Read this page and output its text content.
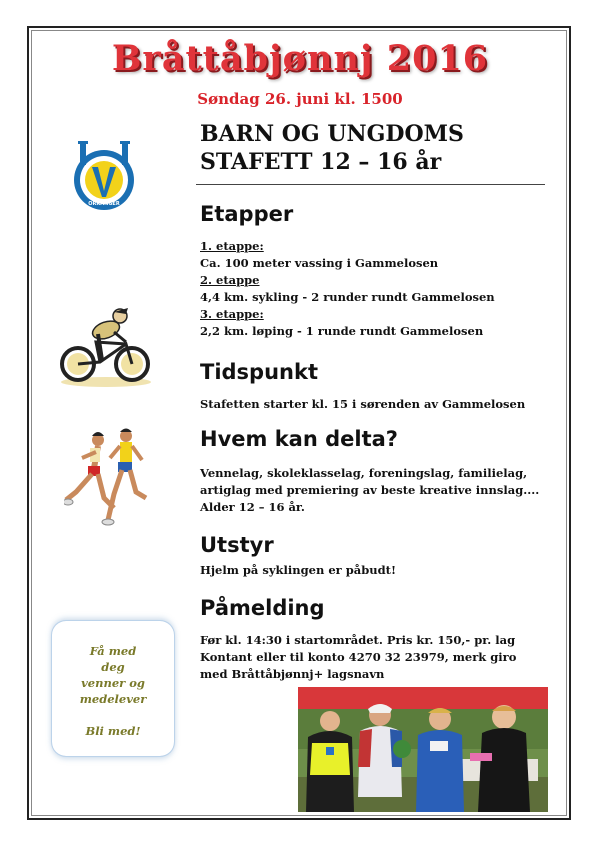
Bråttåbjønnj 2016
Søndag 26. juni kl. 1500
BARN OG UNGDOMS
STAFETT 12 – 16 år
ORKANGER	Etapper
1. etappe:
Ca. 100 meter vassing i Gammelosen
2. etappe
4,4 km. sykling - 2 runder rundt Gammelosen
3. etappe:
2,2 km. løping - 1 runde rundt Gammelosen
Tidspunkt
Stafetten starter kl. 15 i sørenden av Gammelosen
Hvem kan delta?
Vennelag, skoleklasselag, foreningslag, familielag,
artiglag med premiering av beste kreative innslag....
Alder 12 – 16 år.
Utstyr
Hjelm på syklingen er påbudt!
Påmelding
Før kl. 14:30 i startområdet. Pris kr. 150,- pr. lag
Kontant eller til konto 4270 32 23979, merk giro
med Bråttåbjønnj+ lagsnavn
Få med
deg
venner og
medelever
Bli med!
